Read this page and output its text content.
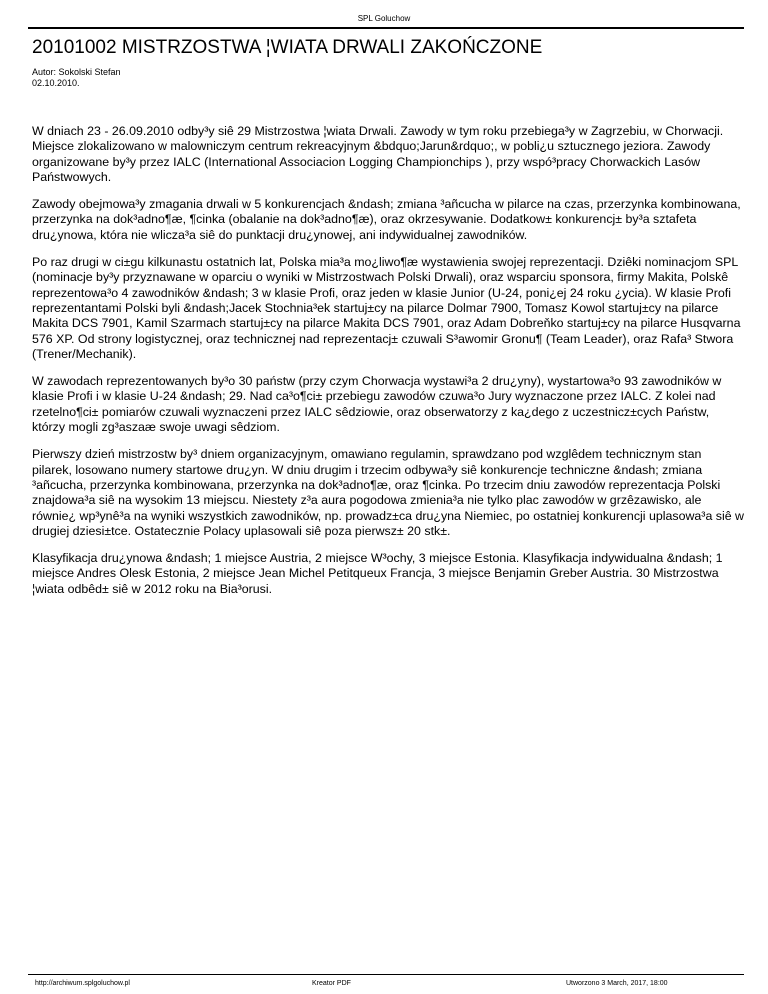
SPL Goluchow
20101002 MISTRZOSTWA ¦WIATA DRWALI ZAKOŃCZONE
Autor: Sokolski Stefan
02.10.2010.

W dniach 23 - 26.09.2010 odby³y siê 29 Mistrzostwa ¦wiata Drwali. Zawody w tym roku przebiega³y w Zagrzebiu, w Chorwacji. Miejsce zlokalizowano w malowniczym centrum rekreacyjnym &bdquo;Jarun&rdquo;, w pobli¿u sztucznego jeziora. Zawody organizowane by³y przez IALC (International Associacion Logging Championchips ), przy wspó³pracy Chorwackich Lasów Państwowych.

Zawody obejmowa³y zmagania drwali w 5 konkurencjach &ndash; zmiana ³añcucha w pilarce na czas, przerzynka kombinowana, przerzynka na dok³adno¶æ, ¶cinka (obalanie na dok³adno¶æ), oraz okrzesywanie. Dodatkow± konkurencj± by³a sztafeta dru¿ynowa, która nie wlicza³a siê do punktacji dru¿ynowej, ani indywidualnej zawodników.

Po raz drugi w ci±gu kilkunastu ostatnich lat, Polska mia³a mo¿liwo¶æ wystawienia swojej reprezentacji. Dziêki nominacjom SPL (nominacje by³y przyznawane w oparciu o wyniki w Mistrzostwach Polski Drwali), oraz wsparciu sponsora, firmy Makita, Polskê reprezentowa³o 4 zawodników &ndash; 3 w klasie Profi, oraz jeden w klasie Junior (U-24, poni¿ej 24 roku ¿ycia). W klasie Profi reprezentantami Polski byli &ndash;Jacek Stochnia³ek startuj±cy na pilarce Dolmar 7900, Tomasz Kowol startuj±cy na pilarce Makita DCS 7901, Kamil Szarmach startuj±cy na pilarce Makita DCS 7901, oraz Adam Dobreňko startuj±cy na pilarce Husqvarna 576 XP. Od strony logistycznej, oraz technicznej nad reprezentacj± czuwali S³awomir Gronu¶ (Team Leader), oraz Rafa³ Stwora (Trener/Mechanik).

W zawodach reprezentowanych by³o 30 państw (przy czym Chorwacja wystawi³a 2 dru¿yny), wystartowa³o 93 zawodników w klasie Profi i w klasie U-24 &ndash; 29. Nad ca³o¶ci± przebiegu zawodów czuwa³o Jury wyznaczone przez IALC. Z kolei nad rzetelno¶ci± pomiarów czuwali wyznaczeni przez IALC sêdziowie, oraz obserwatorzy z ka¿dego z uczestnicz±cych Państw, którzy mogli zg³aszaæ swoje uwagi sêdziom.

Pierwszy dzień mistrzostw by³ dniem organizacyjnym, omawiano regulamin, sprawdzano pod wzglêdem technicznym stan pilarek, losowano numery startowe dru¿yn. W dniu drugim i trzecim odbywa³y siê konkurencje techniczne &ndash; zmiana ³añcucha, przerzynka kombinowana, przerzynka na dok³adno¶æ, oraz ¶cinka. Po trzecim dniu zawodów reprezentacja Polski znajdowa³a siê na wysokim 13 miejscu. Niestety z³a aura pogodowa zmienia³a nie tylko plac zawodów w grzêzawisko, ale równie¿ wp³ynê³a na wyniki wszystkich zawodników, np. prowadz±ca dru¿yna Niemiec, po ostatniej konkurencji uplasowa³a siê w drugiej dziesi±tce. Ostatecznie Polacy uplasowali siê poza pierwsz± 20 stk±.

Klasyfikacja dru¿ynowa &ndash; 1 miejsce Austria, 2 miejsce W³ochy, 3 miejsce Estonia. Klasyfikacja indywidualna &ndash; 1 miejsce Andres Olesk Estonia, 2 miejsce Jean Michel Petitqueux Francja, 3 miejsce Benjamin Greber Austria. 30 Mistrzostwa ¦wiata odbêd± siê w 2012 roku na Bia³orusi.

http://archiwum.splgoluchow.pl	Kreator PDF	Utworzono 3 March, 2017, 18:00
